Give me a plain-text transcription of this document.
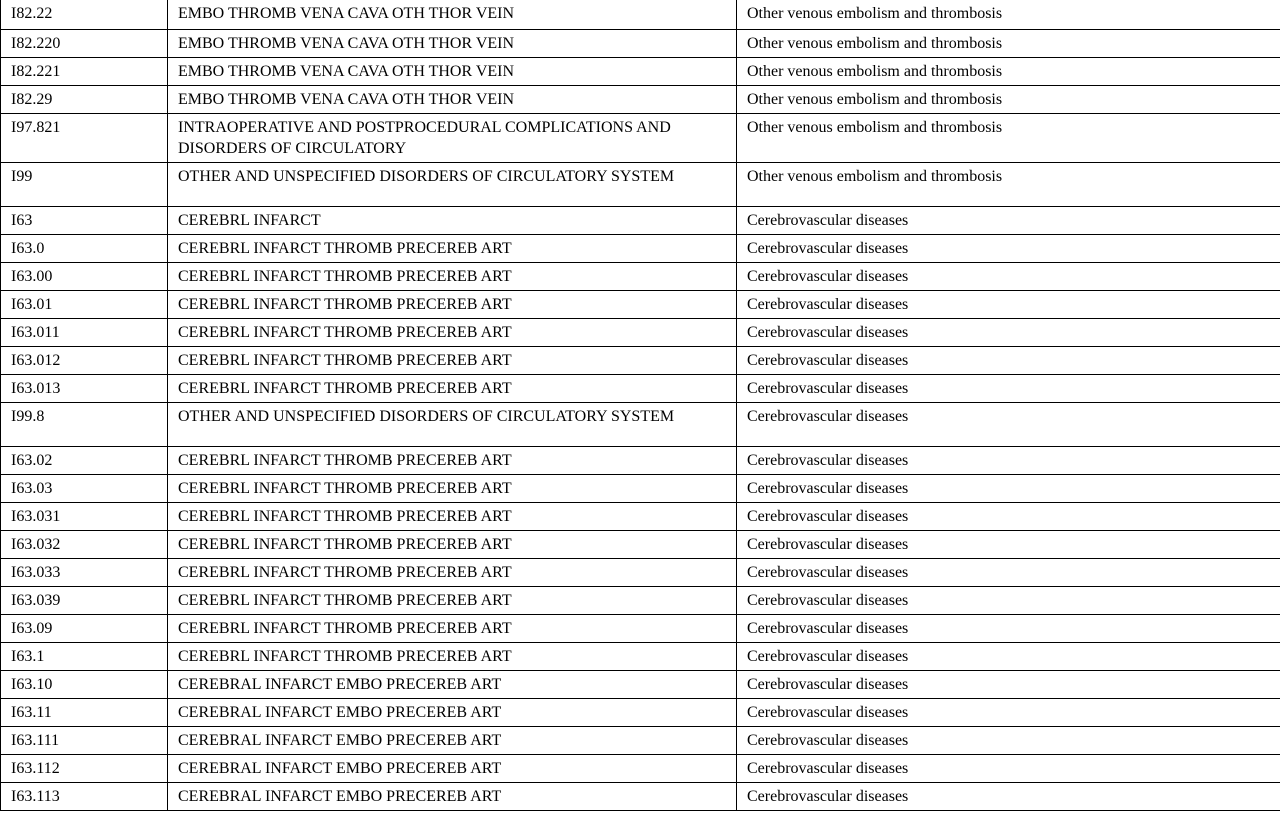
I82.22	EMBO THROMB VENA CAVA OTH THOR VEIN	Other venous embolism and thrombosis
I82.220	EMBO THROMB VENA CAVA OTH THOR VEIN	Other venous embolism and thrombosis
I82.221	EMBO THROMB VENA CAVA OTH THOR VEIN	Other venous embolism and thrombosis
I82.29	EMBO THROMB VENA CAVA OTH THOR VEIN	Other venous embolism and thrombosis
I97.821	INTRAOPERATIVE AND POSTPROCEDURAL COMPLICATIONS AND DISORDERS OF CIRCULATORY	Other venous embolism and thrombosis
I99	OTHER AND UNSPECIFIED DISORDERS OF CIRCULATORY SYSTEM	Other venous embolism and thrombosis
I63	CEREBRL INFARCT	Cerebrovascular diseases
I63.0	CEREBRL INFARCT THROMB PRECEREB ART	Cerebrovascular diseases
I63.00	CEREBRL INFARCT THROMB PRECEREB ART	Cerebrovascular diseases
I63.01	CEREBRL INFARCT THROMB PRECEREB ART	Cerebrovascular diseases
I63.011	CEREBRL INFARCT THROMB PRECEREB ART	Cerebrovascular diseases
I63.012	CEREBRL INFARCT THROMB PRECEREB ART	Cerebrovascular diseases
I63.013	CEREBRL INFARCT THROMB PRECEREB ART	Cerebrovascular diseases
I99.8	OTHER AND UNSPECIFIED DISORDERS OF CIRCULATORY SYSTEM	Cerebrovascular diseases
I63.02	CEREBRL INFARCT THROMB PRECEREB ART	Cerebrovascular diseases
I63.03	CEREBRL INFARCT THROMB PRECEREB ART	Cerebrovascular diseases
I63.031	CEREBRL INFARCT THROMB PRECEREB ART	Cerebrovascular diseases
I63.032	CEREBRL INFARCT THROMB PRECEREB ART	Cerebrovascular diseases
I63.033	CEREBRL INFARCT THROMB PRECEREB ART	Cerebrovascular diseases
I63.039	CEREBRL INFARCT THROMB PRECEREB ART	Cerebrovascular diseases
I63.09	CEREBRL INFARCT THROMB PRECEREB ART	Cerebrovascular diseases
I63.1	CEREBRL INFARCT THROMB PRECEREB ART	Cerebrovascular diseases
I63.10	CEREBRAL INFARCT EMBO PRECEREB ART	Cerebrovascular diseases
I63.11	CEREBRAL INFARCT EMBO PRECEREB ART	Cerebrovascular diseases
I63.111	CEREBRAL INFARCT EMBO PRECEREB ART	Cerebrovascular diseases
I63.112	CEREBRAL INFARCT EMBO PRECEREB ART	Cerebrovascular diseases
I63.113	CEREBRAL INFARCT EMBO PRECEREB ART	Cerebrovascular diseases
